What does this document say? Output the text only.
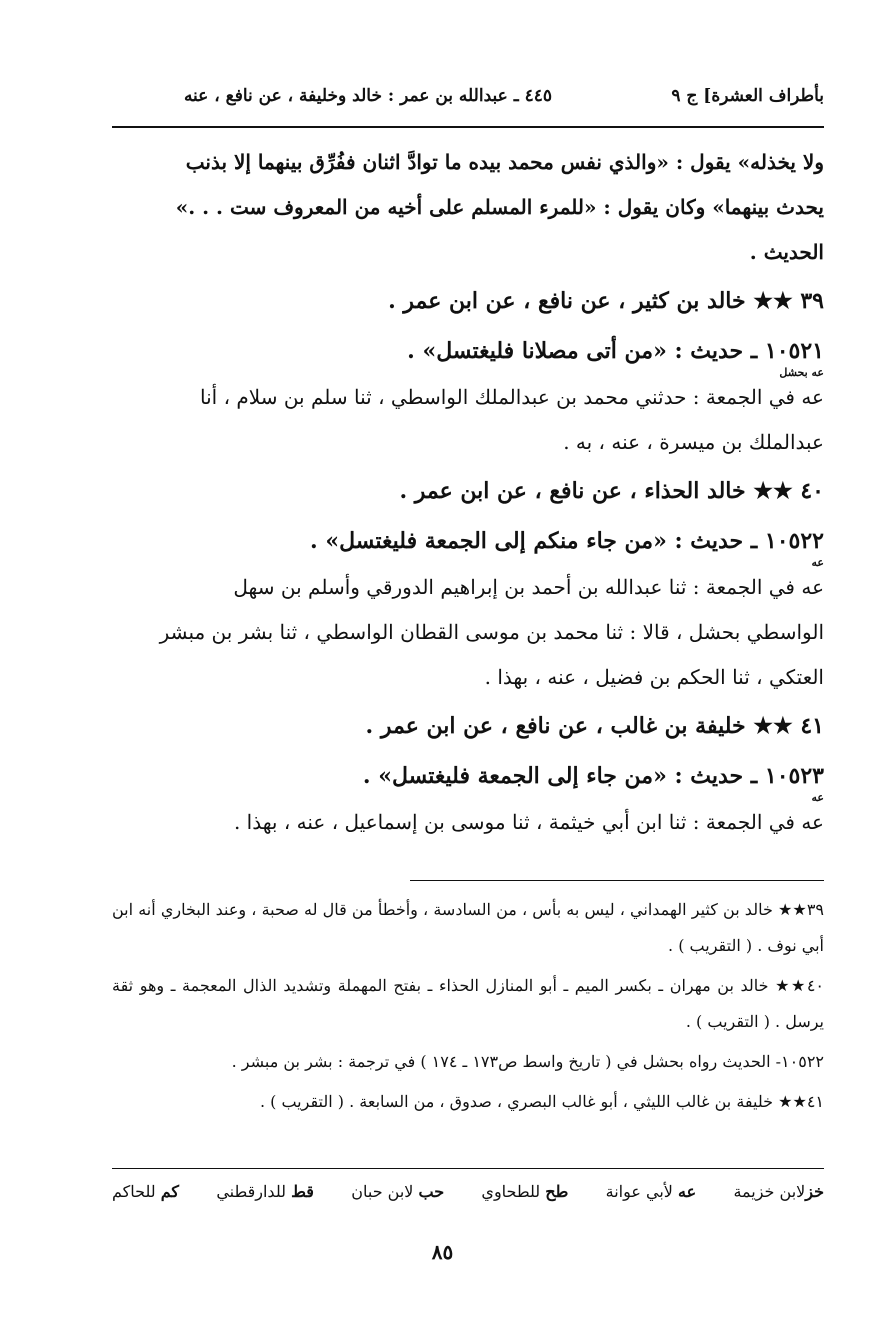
بأطراف العشرة] ج ٩
٤٤٥ ـ عبدالله بن عمر : خالد وخليفة ، عن نافع ، عنه

ولا يخذله» يقول : «والذي نفس محمد بيده ما توادَّ اثنان ففُرِّق بينهما إلا بذنب

يحدث بينهما» وكان يقول : «للمرء المسلم على أخيه من المعروف ست . . .»

الحديث .

٣٩ ★★ خالد بن كثير ، عن نافع ، عن ابن عمر .

١٠٥٢١ ـ حديث : «من أتى مصلانا فليغتسل» .

عه بحشل

عه في الجمعة : حدثني محمد بن عبدالملك الواسطي ، ثنا سلم بن سلام ، أنا

عبدالملك بن ميسرة ، عنه ، به .

٤٠ ★★ خالد الحذاء ، عن نافع ، عن ابن عمر .

١٠٥٢٢ ـ حديث : «من جاء منكم إلى الجمعة فليغتسل» .

عه

عه في الجمعة : ثنا عبدالله بن أحمد بن إبراهيم الدورقي وأسلم بن سهل

الواسطي بحشل ، قالا : ثنا محمد بن موسى القطان الواسطي ، ثنا بشر بن مبشر

العتكي ، ثنا الحكم بن فضيل ، عنه ، بهذا .

٤١ ★★ خليفة بن غالب ، عن نافع ، عن ابن عمر .

١٠٥٢٣ ـ حديث : «من جاء إلى الجمعة فليغتسل» .

عه

عه في الجمعة : ثنا ابن أبي خيثمة ، ثنا موسى بن إسماعيل ، عنه ، بهذا .

٣٩★★ خالد بن كثير الهمداني ، ليس به بأس ، من السادسة ، وأخطأ من قال له صحبة ، وعند البخاري أنه ابن أبي نوف . ( التقريب ) .

٤٠★★ خالد بن مهران ـ بكسر الميم ـ أبو المنازل الحذاء ـ بفتح المهملة وتشديد الذال المعجمة ـ وهو ثقة يرسل . ( التقريب ) .

١٠٥٢٢- الحديث رواه بحشل في ( تاريخ واسط ص١٧٣ ـ ١٧٤ ) في ترجمة : بشر بن مبشر .

٤١★★ خليفة بن غالب الليثي ، أبو غالب البصري ، صدوق ، من السابعة . ( التقريب ) .

خزلابن خزيمة
عه لأبي عوانة
طح للطحاوي
حب لابن حبان
قط للدارقطني
كم للحاكم
٨٥
